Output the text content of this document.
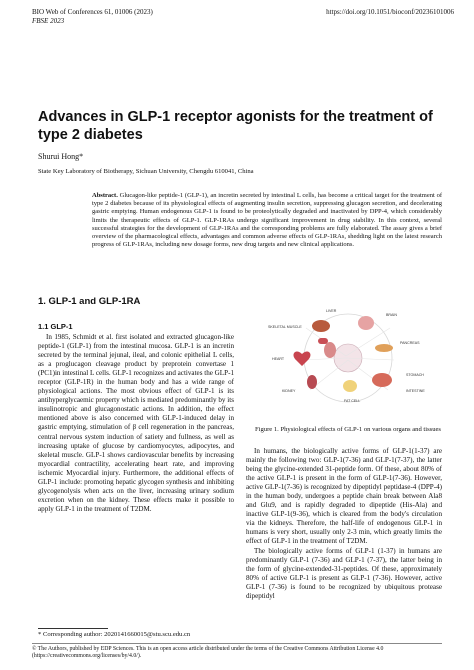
BIO Web of Conferences 61, 01006 (2023)
FBSE 2023
https://doi.org/10.1051/bioconf/20236101006
Advances in GLP-1 receptor agonists for the treatment of type 2 diabetes
Shurui Hong*
State Key Laboratory of Biotherapy, Sichuan University, Chengdu 610041, China
Abstract. Glucagon-like peptide-1 (GLP-1), an incretin secreted by intestinal L cells, has become a critical target for the treatment of type 2 diabetes because of its physiological effects of augmenting insulin secretion, suppressing glucagon secretion, and decelerating gastric emptying. Human endogenous GLP-1 is found to be proteolytically degraded and inactivated by DPP-4, which considerably limits the therapeutic effects of GLP-1. GLP-1RAs undergo significant improvement in drug stability. In this context, several successful strategies for the development of GLP-1RAs and the corresponding problems are fully elaborated. The assay gives a brief overview of the pharmacological effects, advantages and common adverse effects of GLP-1RAs, shedding light on the latest research progress of GLP-1RAs, including new dosage forms, new drug targets and new clinical applications.
1. GLP-1 and GLP-1RA
1.1 GLP-1

In 1985, Schmidt et al. first isolated and extracted glucagon-like peptide-1 (GLP-1) from the intestinal mucosa. GLP-1 is an incretin secreted by the terminal jejunal, ileal, and colonic epithelial L cells, as a proglucagon cleavage product by preprotein convertase 1 (PC1)in intestinal L cells. GLP-1 recognizes and activates the GLP-1 receptor (GLP-1R) in the human body and has a wide range of physiological actions. The most obvious effect of GLP-1 is its antihyperglycaemic property which is mediated predominantly by its insulinotropic and glucagonostatic actions. In addition, the effect mentioned above is also concerned with GLP-1-induced delay in gastric emptying, stimulation of β cell regeneration in the pancreas, central nervous system induction of satiety and fullness, as well as increasing uptake of glucose by cardiomyocytes, adipocytes, and skeletal muscle. GLP-1 shows cardiovascular benefits by increasing myocardial contractility, accelerating heart rate, and improving ischemic Myocardial injury. Furthermore, the additional effects of GLP-1 include: promoting hepatic glycogen synthesis and inhibiting glycogenolysis when acts on the liver, increasing urinary sodium excretion when on the kidney. These effects make it possible to apply GLP-1 in the treatment of T2DM.

LIVER
BRAIN
PANCREAS
STOMACH
FAT CELL
KIDNEY
HEART
SKELETAL MUSCLE
INTESTINE
Figure 1. Physiological effects of GLP-1 on various organs and tissues

In humans, the biologically active forms of GLP-1(1-37) are mainly the following two: GLP-1(7-36) and GLP-1(7-37), the latter being the glycine-extended 31-peptide form. Of these, about 80% of the active GLP-1 is present in the form of GLP-1(7-36). However, active GLP-1(7-36) is recognized by dipeptidyl peptidase-4 (DPP-4) in the human body, undergoes a peptide chain break between Ala8 and Glu9, and is rapidly degraded to dipeptide (His-Ala) and inactive GLP-1(9-36), which is cleared from the body's circulation via the kidneys. Therefore, the half-life of endogenous GLP-1 in humans is very short, usually only 2-3 min, which greatly limits the effect of GLP-1 in the treatment of T2DM.

The biologically active forms of GLP-1 (1-37) in humans are predominantly GLP-1 (7-36) and GLP-1 (7-37), the latter being in the form of glycine-extended-31-peptides. Of these, approximately 80% of active GLP-1 is present as GLP-1 (7-36). However, active GLP-1 (7-36) is found to be recognized by ubiquitous protease dipeptidyl

* Corresponding author: 2020141660015@stu.scu.edu.cn
© The Authors, published by EDP Sciences. This is an open access article distributed under the terms of the Creative Commons Attribution License 4.0 (https://creativecommons.org/licenses/by/4.0/).
